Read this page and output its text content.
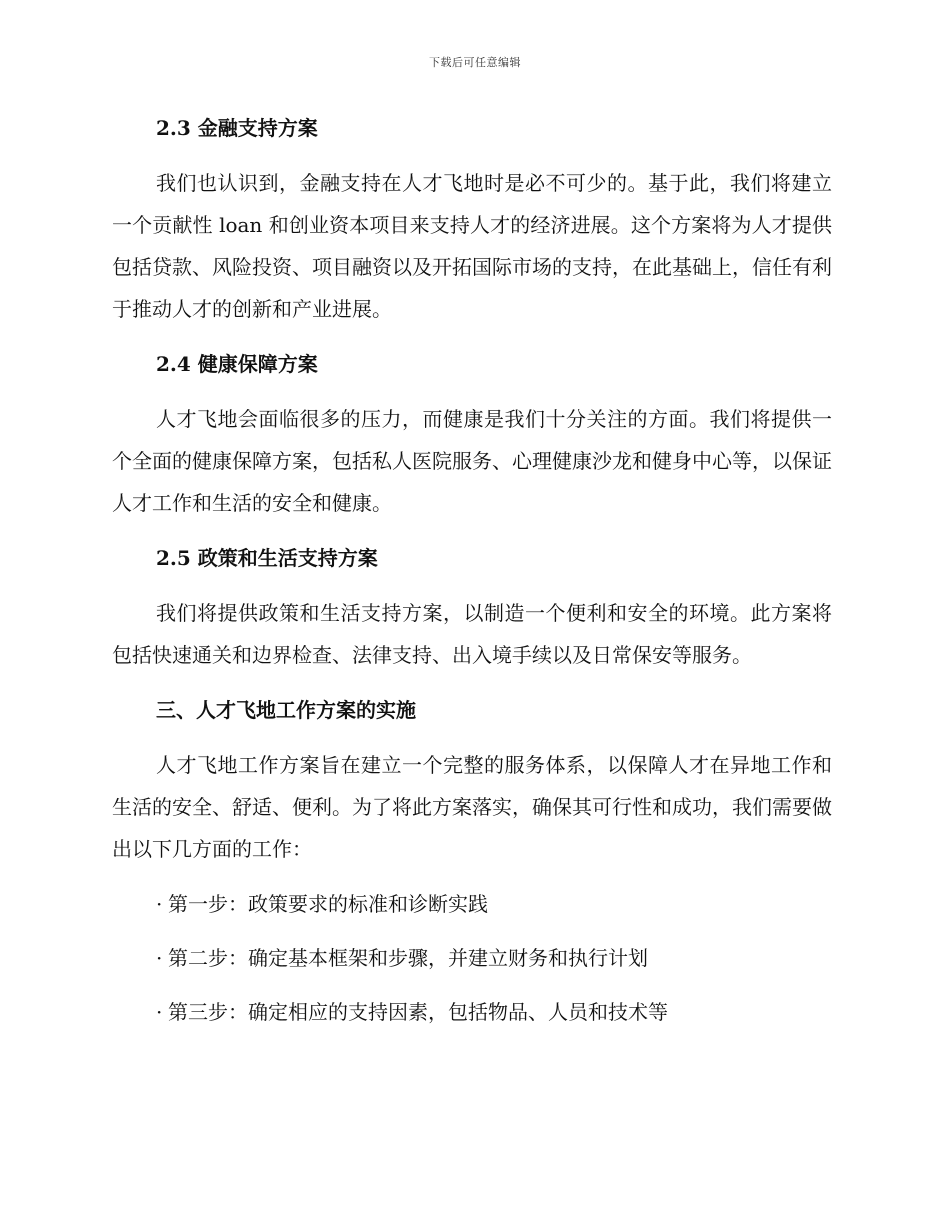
下载后可任意编辑
2.3 金融支持方案

我们也认识到，金融支持在人才飞地时是必不可少的。基于此，我们将建立一个贡献性 loan 和创业资本项目来支持人才的经济进展。这个方案将为人才提供包括贷款、风险投资、项目融资以及开拓国际市场的支持，在此基础上，信任有利于推动人才的创新和产业进展。

2.4 健康保障方案

人才飞地会面临很多的压力，而健康是我们十分关注的方面。我们将提供一个全面的健康保障方案，包括私人医院服务、心理健康沙龙和健身中心等，以保证人才工作和生活的安全和健康。

2.5 政策和生活支持方案

我们将提供政策和生活支持方案，以制造一个便利和安全的环境。此方案将包括快速通关和边界检查、法律支持、出入境手续以及日常保安等服务。

三、人才飞地工作方案的实施

人才飞地工作方案旨在建立一个完整的服务体系，以保障人才在异地工作和生活的安全、舒适、便利。为了将此方案落实，确保其可行性和成功，我们需要做出以下几方面的工作：

· 第一步：政策要求的标准和诊断实践
· 第二步：确定基本框架和步骤，并建立财务和执行计划
· 第三步：确定相应的支持因素，包括物品、人员和技术等
